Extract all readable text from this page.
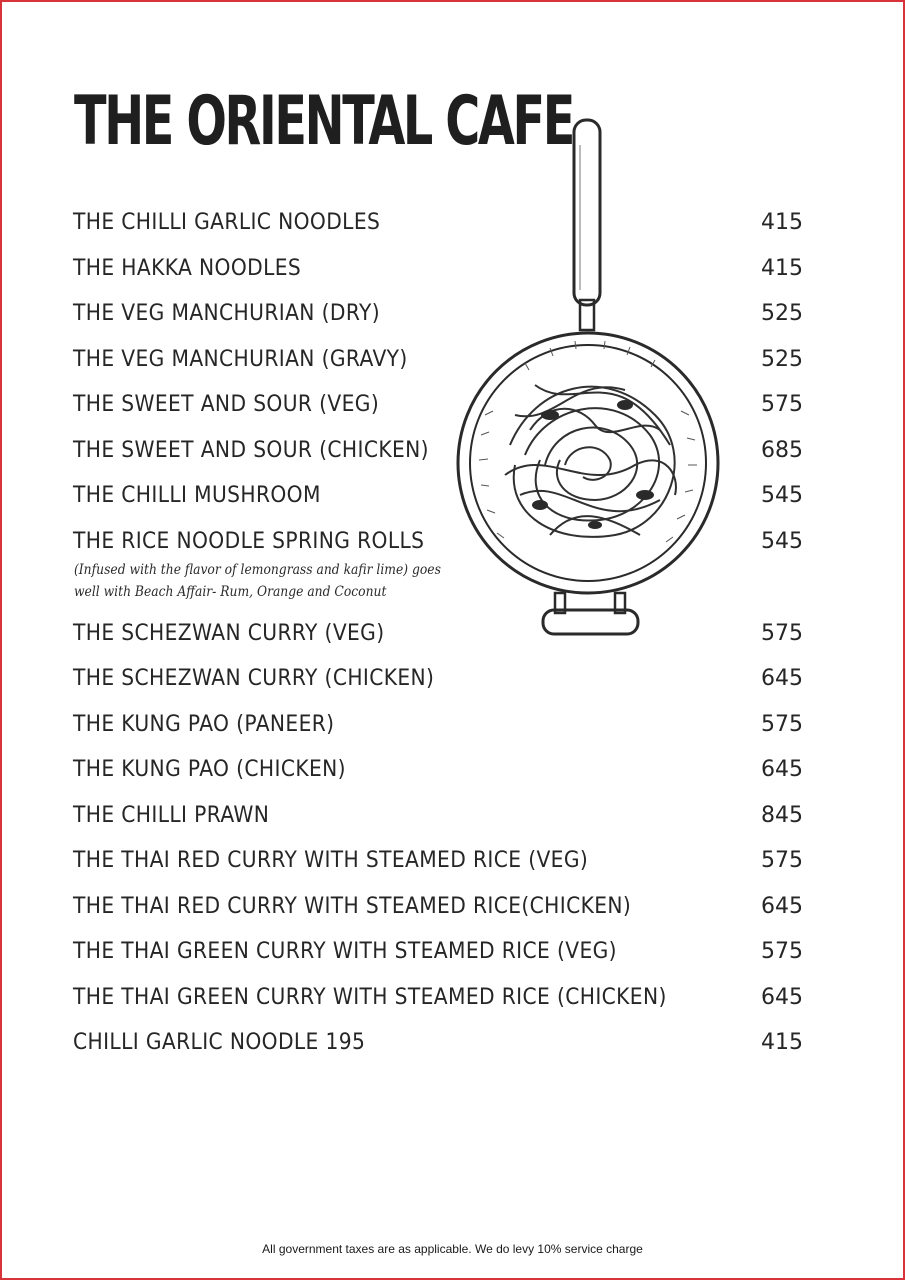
THE ORIENTAL CAFE
THE CHILLI GARLIC NOODLES	415
THE HAKKA NOODLES	415
THE VEG MANCHURIAN (DRY)	525
THE VEG MANCHURIAN (GRAVY)	525
THE SWEET AND SOUR (VEG)	575
THE SWEET AND SOUR (CHICKEN)	685
THE CHILLI MUSHROOM	545
THE RICE NOODLE SPRING ROLLS	545
(Infused with the flavor of lemongrass and kafir lime) goes well with Beach Affair- Rum, Orange and Coconut
THE SCHEZWAN CURRY (VEG)	575
THE SCHEZWAN CURRY (CHICKEN)	645
THE KUNG PAO (PANEER)	575
THE KUNG PAO (CHICKEN)	645
THE CHILLI PRAWN	845
THE THAI RED CURRY WITH STEAMED RICE (VEG)	575
THE THAI RED CURRY WITH STEAMED RICE(CHICKEN)	645
THE THAI GREEN CURRY WITH STEAMED RICE (VEG)	575
THE THAI GREEN CURRY WITH STEAMED RICE (CHICKEN)	645
CHILLI GARLIC NOODLE 195	415
All government taxes are as applicable. We do levy 10% service charge
